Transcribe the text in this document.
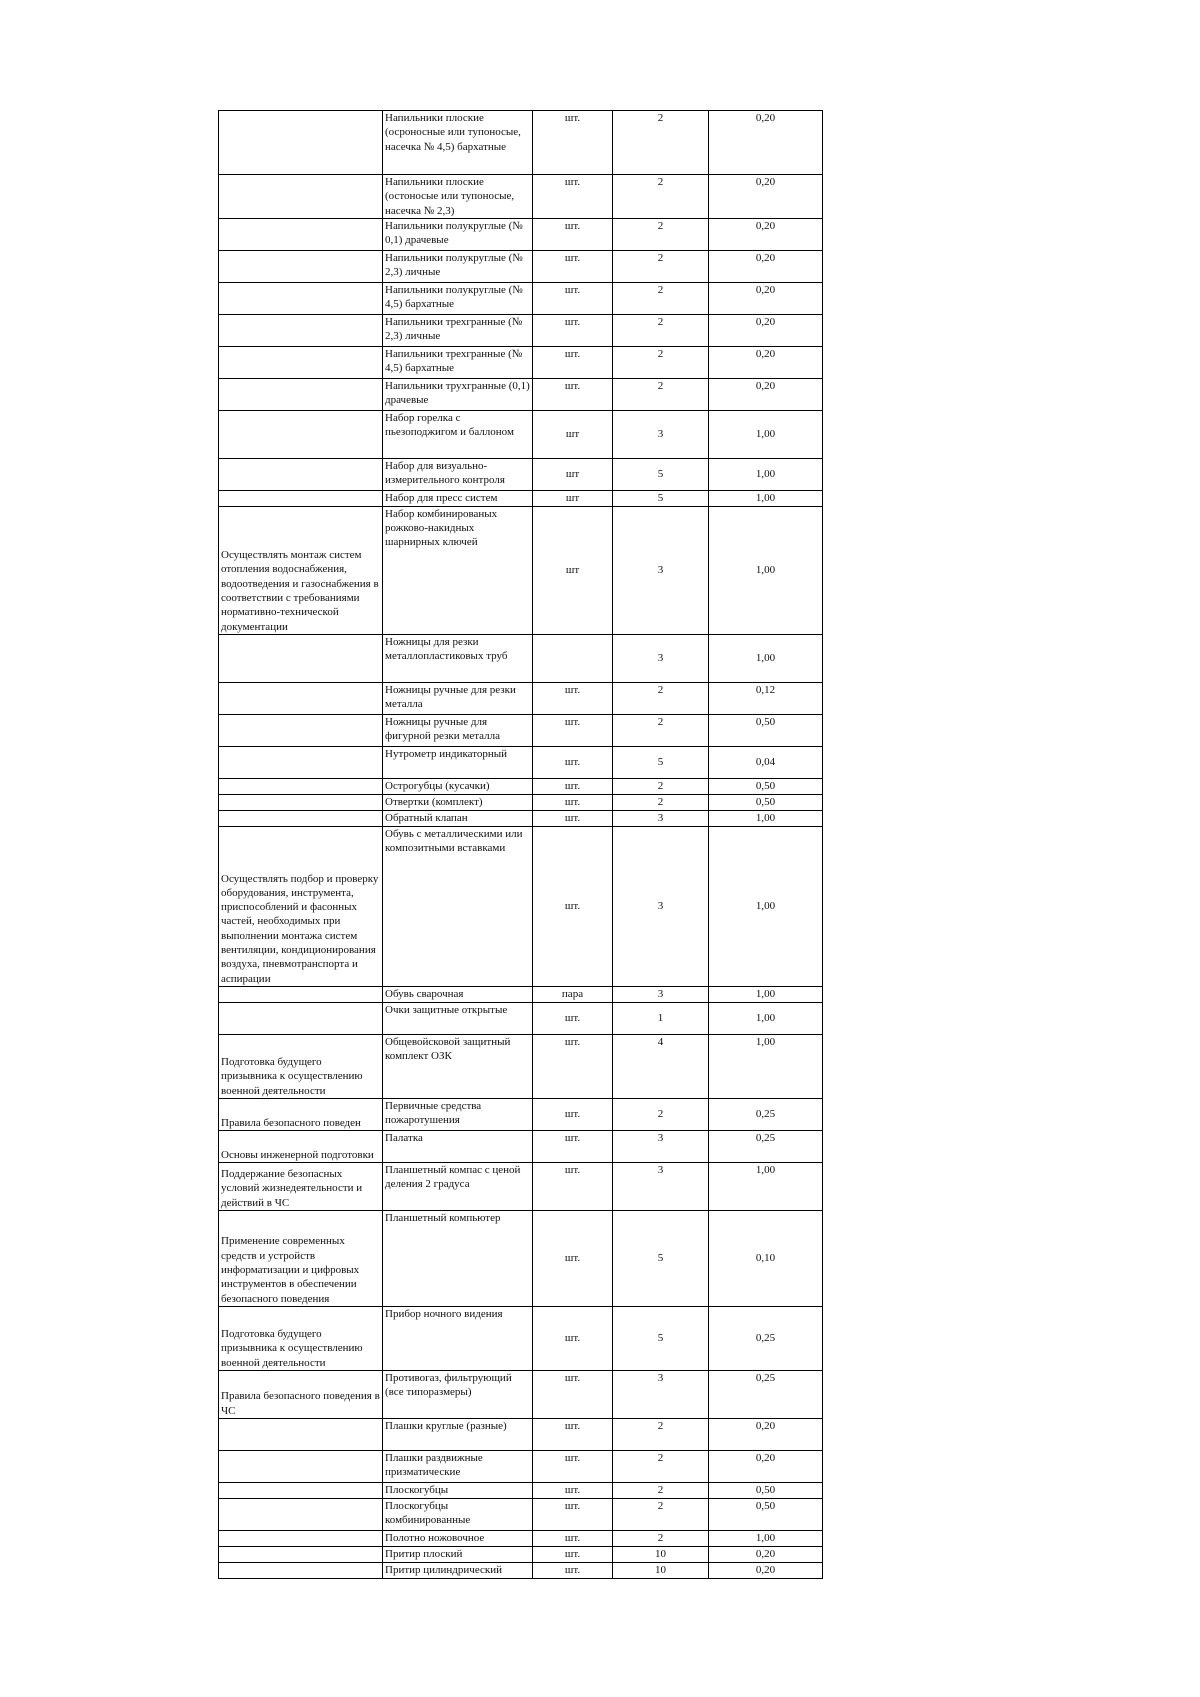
	Напильники плоские (осроносные или тупоносые, насечка № 4,5) бархатные	шт.	2	0,20
	Напильники плоские (остоносые или тупоносые, насечка № 2,3)	шт.	2	0,20
	Напильники полукруглые (№ 0,1) драчевые	шт.	2	0,20
	Напильники полукруглые (№ 2,3) личные	шт.	2	0,20
	Напильники полукруглые (№ 4,5) бархатные	шт.	2	0,20
	Напильники трехгранные (№ 2,3) личные	шт.	2	0,20
	Напильники трехгранные (№ 4,5) бархатные	шт.	2	0,20
	Напильники трухгранные (0,1) драчевые	шт.	2	0,20
	Набор горелка с пьезоподжигом и баллоном	шт	3	1,00
	Набор для визуально-измерительного контроля	шт	5	1,00
	Набор для пресс систем	шт	5	1,00
Осуществлять монтаж систем отопления водоснабжения, водоотведения и газоснабжения в соответствии с требованиями нормативно-технической документации	Набор комбинированых рожково-накидных шарнирных ключей	шт	3	1,00
	Ножницы для резки металлопластиковых труб		3	1,00
	Ножницы ручные для резки металла	шт.	2	0,12
	Ножницы ручные для фигурной резки металла	шт.	2	0,50
	Нутрометр индикаторный	шт.	5	0,04
	Острогубцы (кусачки)	шт.	2	0,50
	Отвертки (комплект)	шт.	2	0,50
	Обратный клапан	шт.	3	1,00
Осуществлять подбор и проверку оборудования, инструмента, приспособлений и фасонных частей, необходимых при выполнении монтажа систем вентиляции, кондиционирования воздуха, пневмотранспорта и аспирации	Обувь с металлическими или композитными вставками	шт.	3	1,00
	Обувь сварочная	пара	3	1,00
	Очки защитные открытые	шт.	1	1,00
Подготовка будущего призывника к осуществлению военной деятельности	Общевойсковой защитный комплект ОЗК	шт.	4	1,00
Правила безопасного поведен	Первичные средства пожаротушения	шт.	2	0,25
Основы инженерной подготовки	Палатка	шт.	3	0,25
Поддержание безопасных условий жизнедеятельности и действий в ЧС	Планшетный компас с ценой деления 2 градуса	шт.	3	1,00
Применение современных средств и устройств информатизации и цифровых инструментов в обеспечении безопасного поведения	Планшетный компьютер	шт.	5	0,10
Подготовка будущего призывника к осуществлению военной деятельности	Прибор ночного видения	шт.	5	0,25
Правила безопасного поведения в ЧС	Противогаз, фильтрующий (все типоразмеры)	шт.	3	0,25
	Плашки круглые (разные)	шт.	2	0,20
	Плашки раздвижные призматические	шт.	2	0,20
	Плоскогубцы	шт.	2	0,50
	Плоскогубцы комбинированные	шт.	2	0,50
	Полотно ножовочное	шт.	2	1,00
	Притир плоский	шт.	10	0,20
	Притир цилиндрический	шт.	10	0,20
